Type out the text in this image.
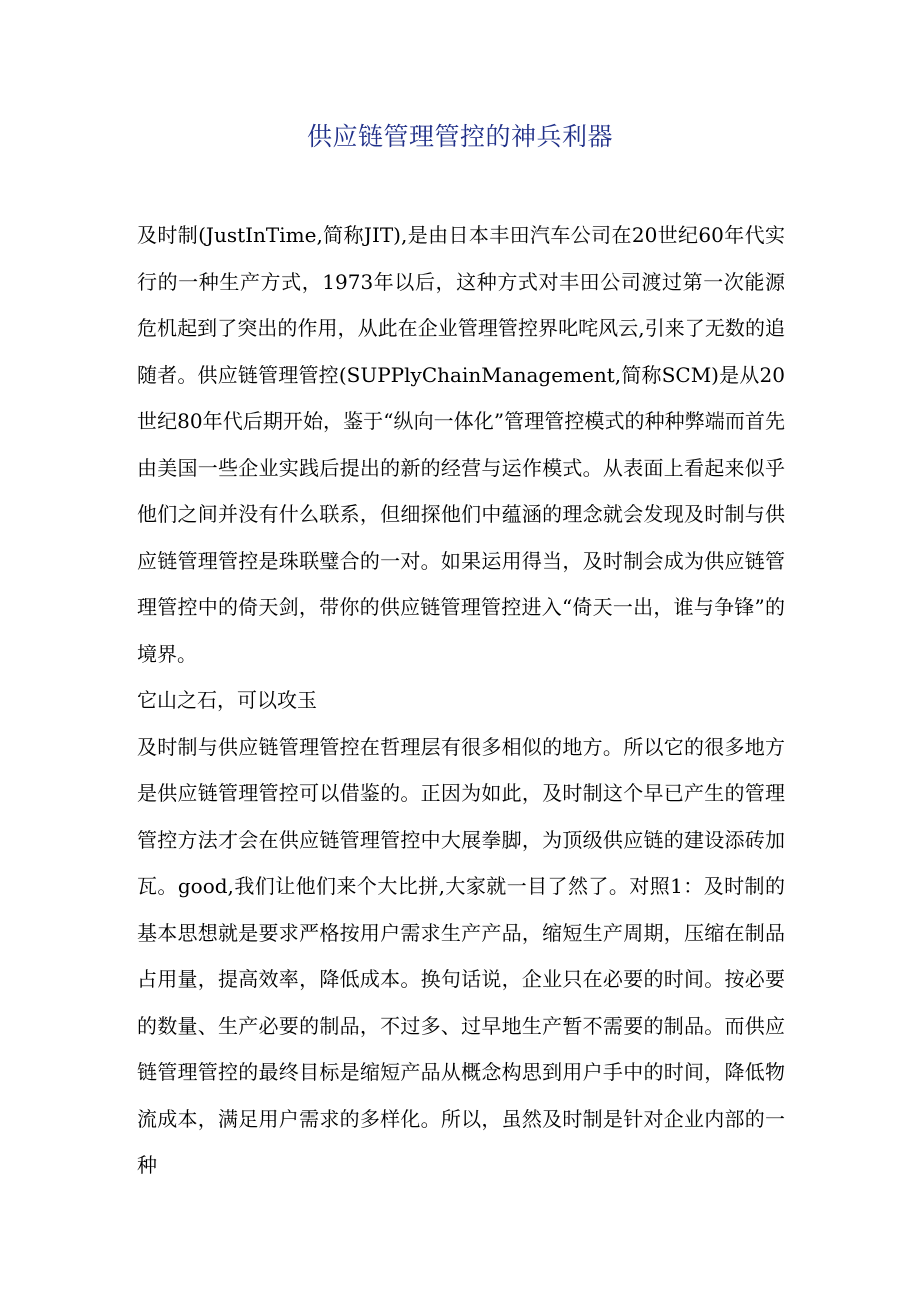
供应链管理管控的神兵利器

及时制(JustInTime,简称JIT),是由日本丰田汽车公司在20世纪60年代实行的一种生产方式，1973年以后，这种方式对丰田公司渡过第一次能源危机起到了突出的作用，从此在企业管理管控界叱咤风云,引来了无数的追随者。供应链管理管控(SUPPlyChainManagement,简称SCM)是从20世纪80年代后期开始，鉴于“纵向一体化”管理管控模式的种种弊端而首先由美国一些企业实践后提出的新的经营与运作模式。从表面上看起来似乎他们之间并没有什么联系，但细探他们中蕴涵的理念就会发现及时制与供应链管理管控是珠联璧合的一对。如果运用得当，及时制会成为供应链管理管控中的倚天剑，带你的供应链管理管控进入“倚天一出，谁与争锋”的境界。

它山之石，可以攻玉

及时制与供应链管理管控在哲理层有很多相似的地方。所以它的很多地方是供应链管理管控可以借鉴的。正因为如此，及时制这个早已产生的管理管控方法才会在供应链管理管控中大展拳脚，为顶级供应链的建设添砖加瓦。good,我们让他们来个大比拼,大家就一目了然了。对照1：及时制的基本思想就是要求严格按用户需求生产产品，缩短生产周期，压缩在制品占用量，提高效率，降低成本。换句话说，企业只在必要的时间。按必要的数量、生产必要的制品，不过多、过早地生产暂不需要的制品。而供应链管理管控的最终目标是缩短产品从概念构思到用户手中的时间，降低物流成本，满足用户需求的多样化。所以，虽然及时制是针对企业内部的一种
